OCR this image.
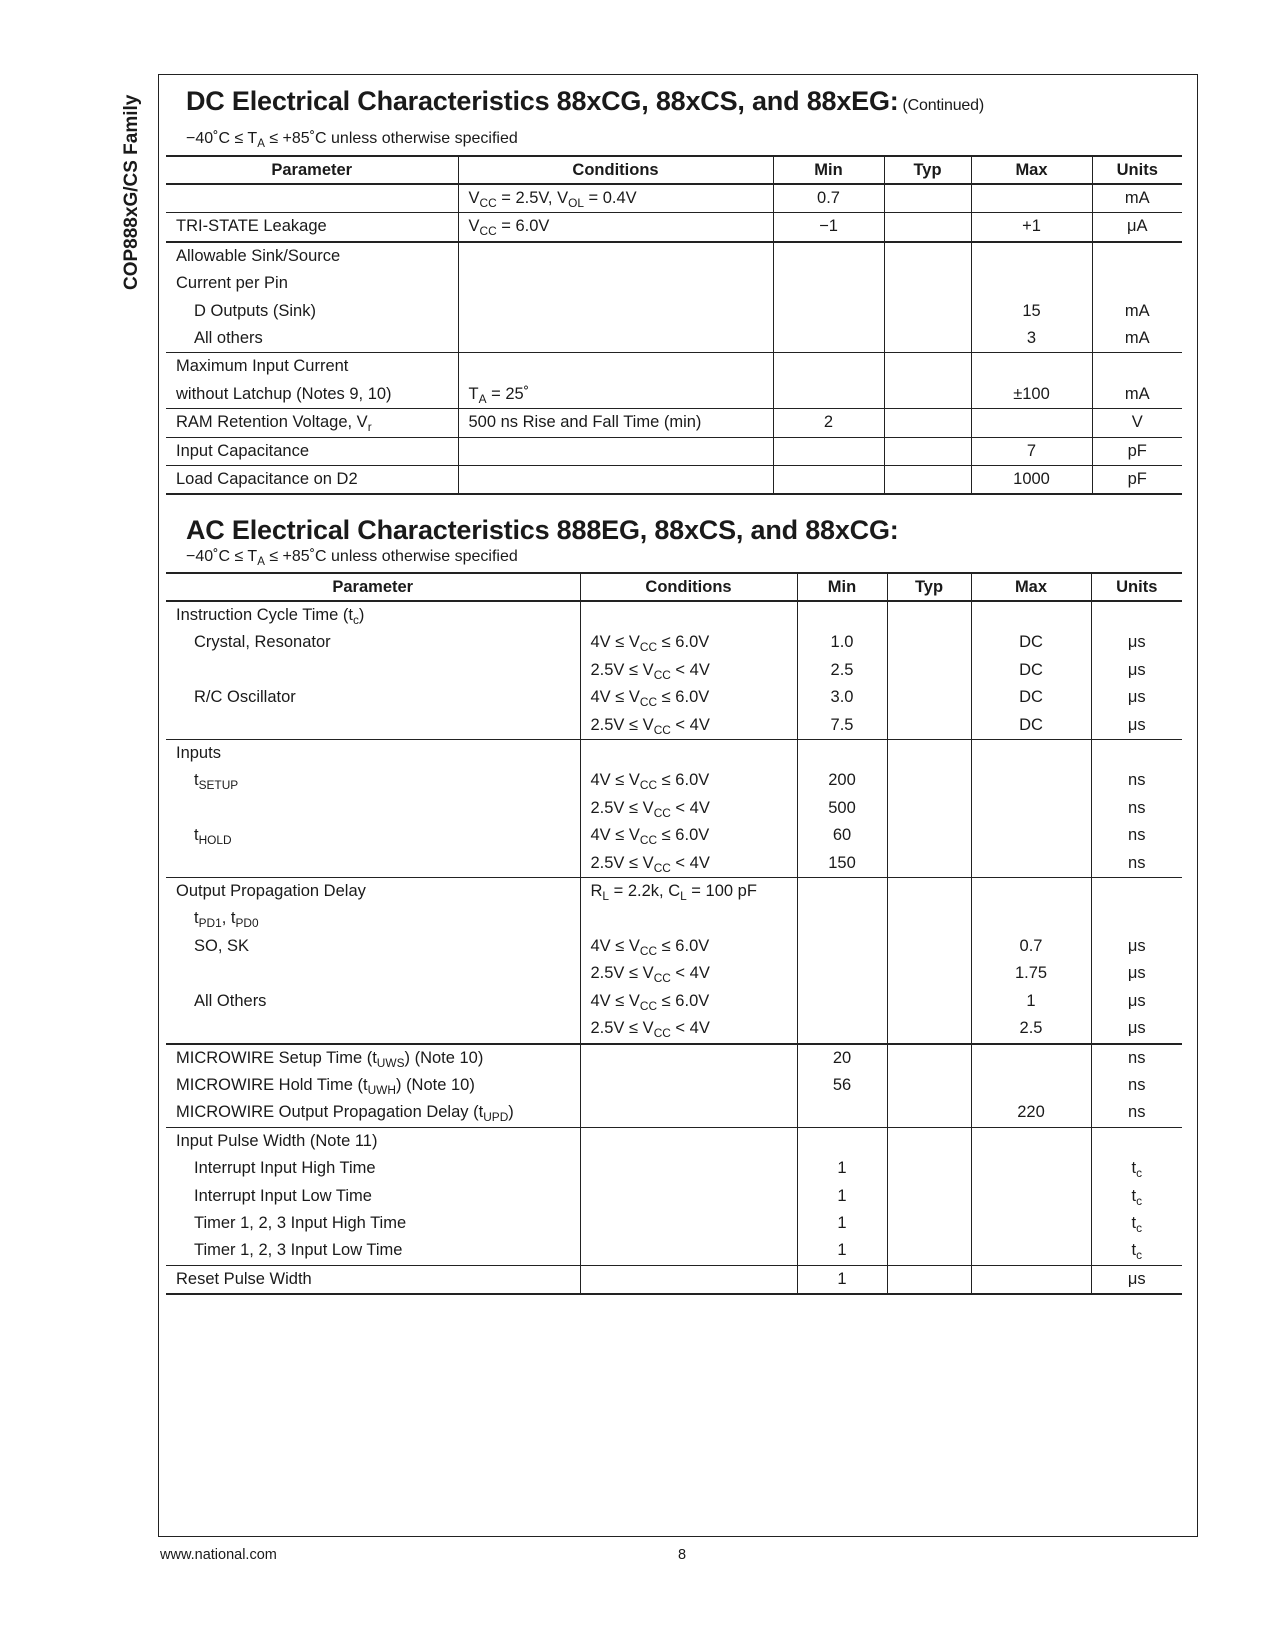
COP888xG/CS Family DC Electrical Characteristics 88xCG, 88xCS, and 88xEG: (Continued)
−40˚C ≤ $T_A$ ≤ +85˚C unless otherwise specified
Parameter	Conditions	Min	Typ	Max	Units
	$V_{CC} = 2.5V$, $V_{OL} = 0.4V$	0.7			mA
TRI-STATE Leakage	$V_{CC} = 6.0V$	−1		+1	μA
Allowable Sink/Source					
Current per Pin					
D Outputs (Sink)				15	mA
All others				3	mA
Maximum Input Current					
without Latchup (Notes 9, 10)	$T_A$ = 25˚			±100	mA
RAM Retention Voltage, $V_r$	500 ns Rise and Fall Time (min)	2			V
Input Capacitance				7	pF
Load Capacitance on D2				1000	pF
AC Electrical Characteristics 888EG, 88xCS, and 88xCG:
−40˚C ≤ $T_A$ ≤ +85˚C unless otherwise specified
Parameter	Conditions	Min	Typ	Max	Units
Instruction Cycle Time $(t_c)$					
Crystal, Resonator	$4V \le V_{CC} \le 6.0V$	1.0		DC	μs
	$2.5V \le V_{CC} < 4V$	2.5		DC	μs
R/C Oscillator	$4V \le V_{CC} \le 6.0V$	3.0		DC	μs
	$2.5V \le V_{CC} < 4V$	7.5		DC	μs
Inputs					
$t_{SETUP}$	$4V \le V_{CC} \le 6.0V$	200			ns
	$2.5V \le V_{CC} < 4V$	500			ns
$t_{HOLD}$	$4V \le V_{CC} \le 6.0V$	60			ns
	$2.5V \le V_{CC} < 4V$	150			ns
Output Propagation Delay	$R_L = 2.2k$, $C_L = 100$ pF				
$t_{PD1}$, $t_{PD0}$					
SO, SK	$4V \le V_{CC} \le 6.0V$			0.7	μs
	$2.5V \le V_{CC} < 4V$			1.75	μs
All Others	$4V \le V_{CC} \le 6.0V$			1	μs
	$2.5V \le V_{CC} < 4V$			2.5	μs
MICROWIRE Setup Time $(t_{UWS})$ (Note 10)		20			ns
MICROWIRE Hold Time $(t_{UWH})$ (Note 10)		56			ns
MICROWIRE Output Propagation Delay $(t_{UPD})$				220	ns
Input Pulse Width (Note 11)					
Interrupt Input High Time		1			$t_c$
Interrupt Input Low Time		1			$t_c$
Timer 1, 2, 3 Input High Time		1			$t_c$
Timer 1, 2, 3 Input Low Time		1			$t_c$
Reset Pulse Width		1			μs
www.national.com	8
